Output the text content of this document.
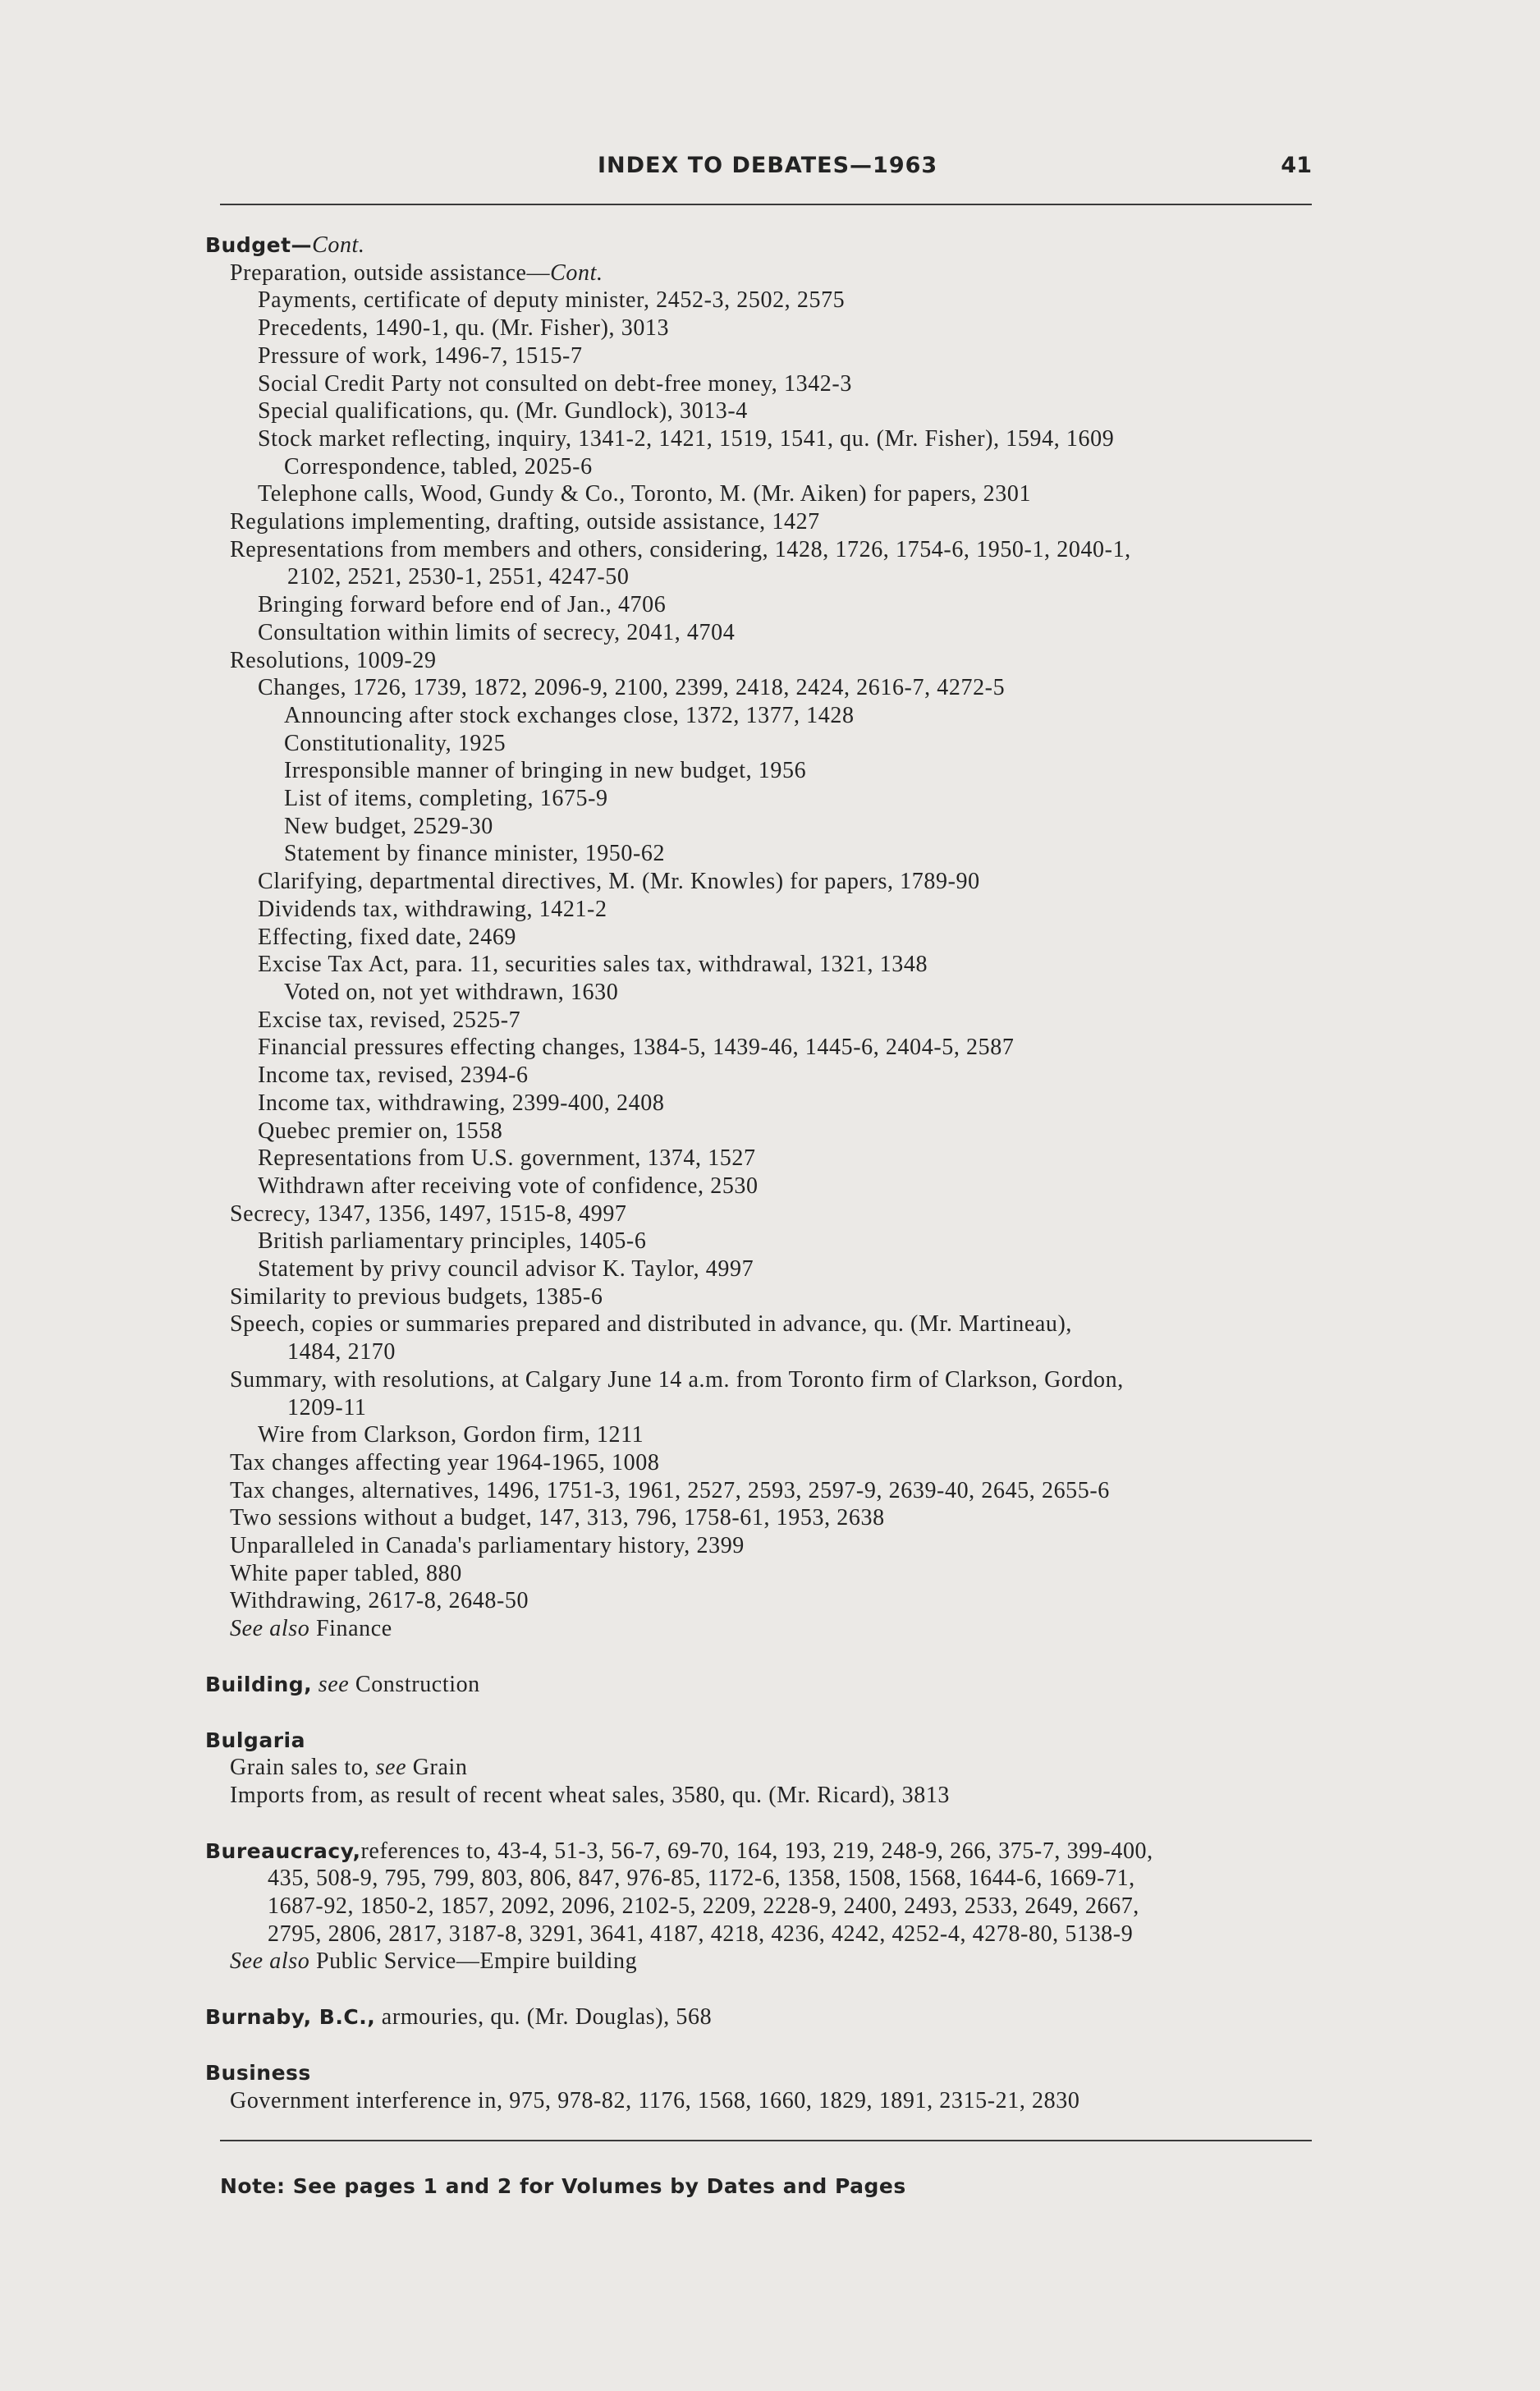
INDEX TO DEBATES—1963	41
Budget—Cont.
Preparation, outside assistance—Cont.
Payments, certificate of deputy minister, 2452-3, 2502, 2575
Precedents, 1490-1, qu. (Mr. Fisher), 3013
Pressure of work, 1496-7, 1515-7
Social Credit Party not consulted on debt-free money, 1342-3
Special qualifications, qu. (Mr. Gundlock), 3013-4
Stock market reflecting, inquiry, 1341-2, 1421, 1519, 1541, qu. (Mr. Fisher), 1594, 1609
Correspondence, tabled, 2025-6
Telephone calls, Wood, Gundy & Co., Toronto, M. (Mr. Aiken) for papers, 2301
Regulations implementing, drafting, outside assistance, 1427
Representations from members and others, considering, 1428, 1726, 1754-6, 1950-1, 2040-1,
2102, 2521, 2530-1, 2551, 4247-50
Bringing forward before end of Jan., 4706
Consultation within limits of secrecy, 2041, 4704
Resolutions, 1009-29
Changes, 1726, 1739, 1872, 2096-9, 2100, 2399, 2418, 2424, 2616-7, 4272-5
Announcing after stock exchanges close, 1372, 1377, 1428
Constitutionality, 1925
Irresponsible manner of bringing in new budget, 1956
List of items, completing, 1675-9
New budget, 2529-30
Statement by finance minister, 1950-62
Clarifying, departmental directives, M. (Mr. Knowles) for papers, 1789-90
Dividends tax, withdrawing, 1421-2
Effecting, fixed date, 2469
Excise Tax Act, para. 11, securities sales tax, withdrawal, 1321, 1348
Voted on, not yet withdrawn, 1630
Excise tax, revised, 2525-7
Financial pressures effecting changes, 1384-5, 1439-46, 1445-6, 2404-5, 2587
Income tax, revised, 2394-6
Income tax, withdrawing, 2399-400, 2408
Quebec premier on, 1558
Representations from U.S. government, 1374, 1527
Withdrawn after receiving vote of confidence, 2530
Secrecy, 1347, 1356, 1497, 1515-8, 4997
British parliamentary principles, 1405-6
Statement by privy council advisor K. Taylor, 4997
Similarity to previous budgets, 1385-6
Speech, copies or summaries prepared and distributed in advance, qu. (Mr. Martineau),
1484, 2170
Summary, with resolutions, at Calgary June 14 a.m. from Toronto firm of Clarkson, Gordon,
1209-11
Wire from Clarkson, Gordon firm, 1211
Tax changes affecting year 1964-1965, 1008
Tax changes, alternatives, 1496, 1751-3, 1961, 2527, 2593, 2597-9, 2639-40, 2645, 2655-6
Two sessions without a budget, 147, 313, 796, 1758-61, 1953, 2638
Unparalleled in Canada's parliamentary history, 2399
White paper tabled, 880
Withdrawing, 2617-8, 2648-50
See also Finance
Building, see Construction
Bulgaria
Grain sales to, see Grain
Imports from, as result of recent wheat sales, 3580, qu. (Mr. Ricard), 3813
Bureaucracy,references to, 43-4, 51-3, 56-7, 69-70, 164, 193, 219, 248-9, 266, 375-7, 399-400,
435, 508-9, 795, 799, 803, 806, 847, 976-85, 1172-6, 1358, 1508, 1568, 1644-6, 1669-71,
1687-92, 1850-2, 1857, 2092, 2096, 2102-5, 2209, 2228-9, 2400, 2493, 2533, 2649, 2667,
2795, 2806, 2817, 3187-8, 3291, 3641, 4187, 4218, 4236, 4242, 4252-4, 4278-80, 5138-9
See also Public Service—Empire building
Burnaby, B.C., armouries, qu. (Mr. Douglas), 568
Business
Government interference in, 975, 978-82, 1176, 1568, 1660, 1829, 1891, 2315-21, 2830
Note: See pages 1 and 2 for Volumes by Dates and Pages
